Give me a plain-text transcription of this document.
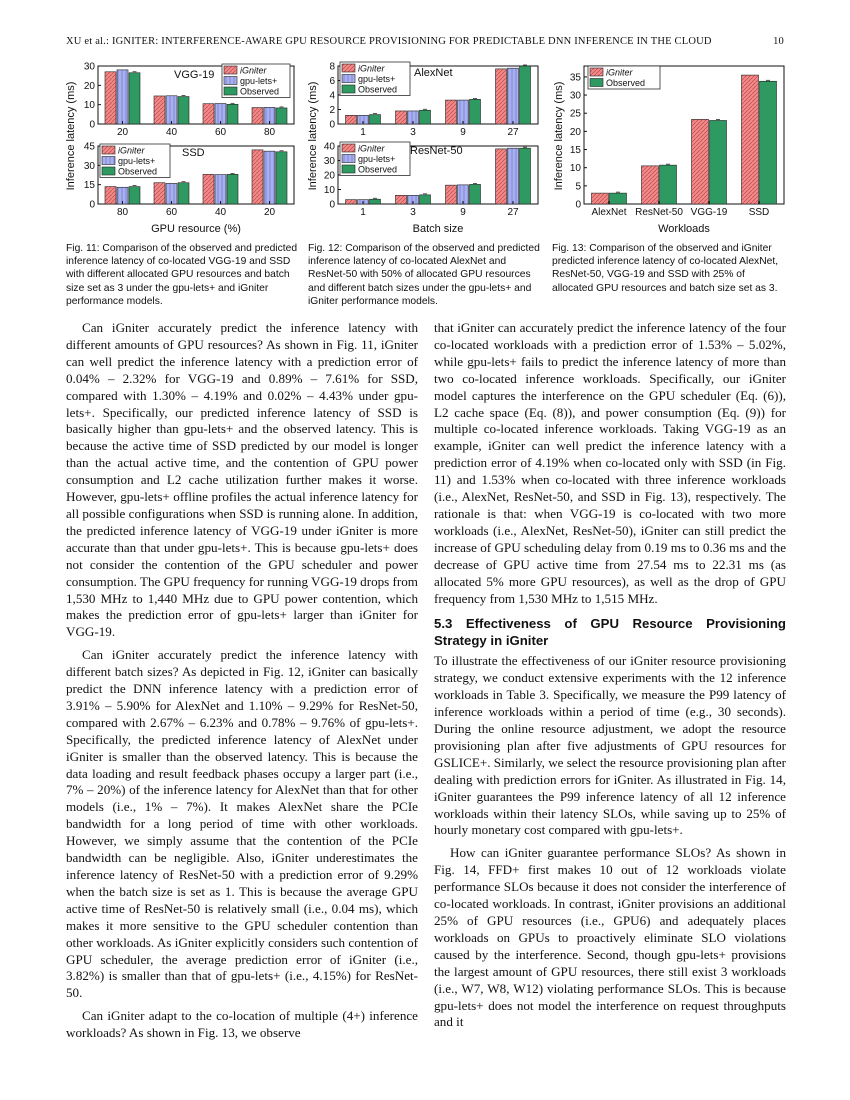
XU et al.: IGNITER: INTERFERENCE-AWARE GPU RESOURCE PROVISIONING FOR PREDICTABLE DNN INFERENCE IN THE CLOUD	10
0
10
20
30
20	40	60	80
VGG-19	iGniter
gpu-lets+
Observed
0
15
30
45
80	60	40	20
SSD
iGniter
gpu-lets+
Observed
GPU resource (%)
Inference latency (ms)	0
2
4
6
8
1	3	9	27
AlexNet
iGniter
gpu-lets+
Observed
0
10
20
30
40
1	3	9	27
ResNet-50
iGniter
gpu-lets+
Observed
Batch size
Inference latency (ms)
0
5
10
15
20
25
30
35
AlexNet ResNet-50 VGG-19 SSD
iGniter
Observed
Workloads
Inference latency (ms)

Fig. 11: Comparison of the observed and predicted inference latency of co-located VGG-19 and SSD with different allocated GPU resources and batch size set as 3 under the gpu-lets+ and iGniter performance models.

Fig. 12: Comparison of the observed and predicted inference latency of co-located AlexNet and ResNet-50 with 50% of allocated GPU resources and different batch sizes under the gpu-lets+ and iGniter performance models.

Fig. 13: Comparison of the observed and iGniter predicted inference latency of co-located AlexNet, ResNet-50, VGG-19 and SSD with 25% of allocated GPU resources and batch size set as 3.

Can iGniter accurately predict the inference latency with different amounts of GPU resources? As shown in Fig. 11, iGniter can well predict the inference latency with a prediction error of 0.04% – 2.32% for VGG-19 and 0.89% – 7.61% for SSD, compared with 1.30% – 4.19% and 0.02% – 4.43% under gpu-lets+. Specifically, our predicted inference latency of SSD is basically higher than gpu-lets+ and the observed latency. This is because the active time of SSD predicted by our model is longer than the actual active time, and the contention of GPU power consumption and L2 cache utilization further makes it worse. However, gpu-lets+ offline profiles the actual inference latency for all possible configurations when SSD is running alone. In addition, the predicted inference latency of VGG-19 under iGniter is more accurate than that under gpu-lets+. This is because gpu-lets+ does not consider the contention of the GPU scheduler and power consumption. The GPU frequency for running VGG-19 drops from 1,530 MHz to 1,440 MHz due to GPU power contention, which makes the prediction error of gpu-lets+ larger than iGniter for VGG-19.

Can iGniter accurately predict the inference latency with different batch sizes? As depicted in Fig. 12, iGniter can basically predict the DNN inference latency with a prediction error of 3.91% – 5.90% for AlexNet and 1.10% – 9.29% for ResNet-50, compared with 2.67% – 6.23% and 0.78% – 9.76% of gpu-lets+. Specifically, the predicted inference latency of AlexNet under iGniter is smaller than the observed latency. This is because the data loading and result feedback phases occupy a larger part (i.e., 7% – 20%) of the inference latency for AlexNet than that for other models (i.e., 1% – 7%). It makes AlexNet share the PCIe bandwidth for a long period of time with other workloads. However, we simply assume that the contention of the PCIe bandwidth can be negligible. Also, iGniter underestimates the inference latency of ResNet-50 with a prediction error of 9.29% when the batch size is set as 1. This is because the average GPU active time of ResNet-50 is relatively small (i.e., 0.04 ms), which makes it more sensitive to the GPU scheduler contention than other workloads. As iGniter explicitly considers such contention of GPU scheduler, the average prediction error of iGniter (i.e., 3.82%) is smaller than that of gpu-lets+ (i.e., 4.15%) for ResNet-50.

Can iGniter adapt to the co-location of multiple (4+) inference workloads? As shown in Fig. 13, we observe

that iGniter can accurately predict the inference latency of the four co-located workloads with a prediction error of 1.53% – 5.02%, while gpu-lets+ fails to predict the inference latency of more than two co-located inference workloads. Specifically, our iGniter model captures the interference on the GPU scheduler (Eq. (6)), L2 cache space (Eq. (8)), and power consumption (Eq. (9)) for multiple co-located inference workloads. Taking VGG-19 as an example, iGniter can well predict the inference latency with a prediction error of 4.19% when co-located only with SSD (in Fig. 11) and 1.53% when co-located with three inference workloads (i.e., AlexNet, ResNet-50, and SSD in Fig. 13), respectively. The rationale is that: when VGG-19 is co-located with two more workloads (i.e., AlexNet, ResNet-50), iGniter can still predict the increase of GPU scheduling delay from 0.19 ms to 0.36 ms and the decrease of GPU active time from 27.54 ms to 22.31 ms (as allocated 5% more GPU resources), as well as the drop of GPU frequency from 1,530 MHz to 1,515 MHz.

5.3 Effectiveness of GPU Resource Provisioning Strategy in iGniter

To illustrate the effectiveness of our iGniter resource provisioning strategy, we conduct extensive experiments with the 12 inference workloads in Table 3. Specifically, we measure the P99 latency of inference workloads within a period of time (e.g., 30 seconds). During the online resource adjustment, we adopt the resource provisioning plan after five adjustments of GPU resources for GSLICE+. Similarly, we select the resource provisioning plan after dealing with prediction errors for iGniter. As illustrated in Fig. 14, iGniter guarantees the P99 inference latency of all 12 inference workloads within their latency SLOs, while saving up to 25% of hourly monetary cost compared with gpu-lets+.

How can iGniter guarantee performance SLOs? As shown in Fig. 14, FFD+ first makes 10 out of 12 workloads violate performance SLOs because it does not consider the interference of co-located workloads. In contrast, iGniter provisions an additional 25% of GPU resources (i.e., GPU6) and adequately places workloads on GPUs to proactively eliminate SLO violations caused by the interference. Second, though gpu-lets+ provisions the largest amount of GPU resources, there still exist 3 workloads (i.e., W7, W8, W12) violating performance SLOs. This is because gpu-lets+ does not model the interference on request throughputs and it
